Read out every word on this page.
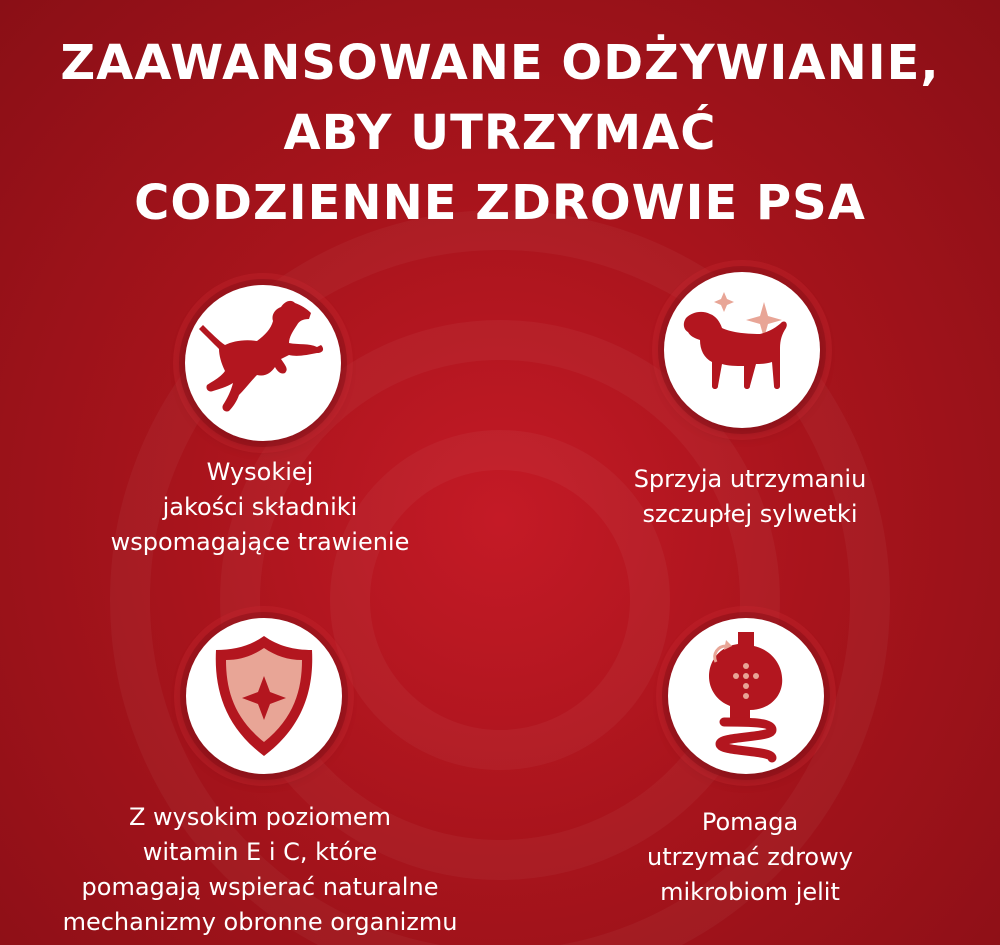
ZAAWANSOWANE ODŻYWIANIE,
ABY UTRZYMAĆ
CODZIENNE ZDROWIE PSA
Wysokiej
jakości składniki
wspomagające trawienie
Sprzyja utrzymaniu
szczupłej sylwetki
Z wysokim poziomem
witamin E i C, które
pomagają wspierać naturalne
mechanizmy obronne organizmu
Pomaga
utrzymać zdrowy
mikrobiom jelit
